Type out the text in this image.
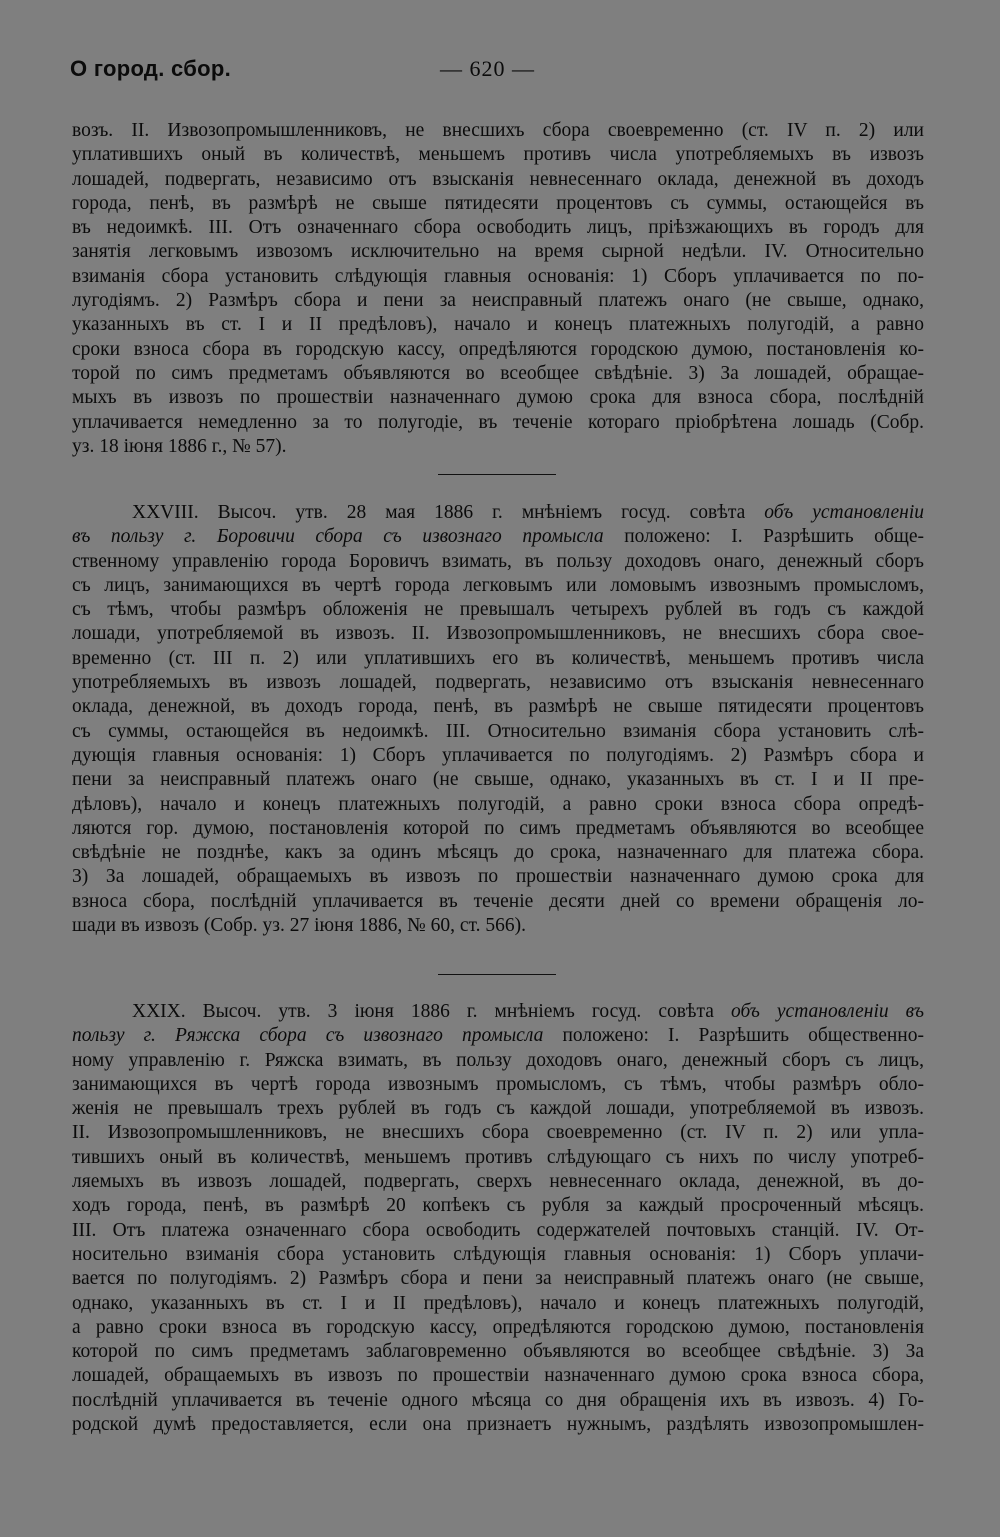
О город. сбор.	— 620 —
возъ. II. Извозопромышленниковъ, не внесшихъ сбора своевременно (ст. IV п. 2) или
уплатившихъ оный въ количествѣ, меньшемъ противъ числа употребляемыхъ въ извозъ
лошадей, подвергать, независимо отъ взысканія невнесеннаго оклада, денежной въ доходъ
города, пенѣ, въ размѣрѣ не свыше пятидесяти процентовъ съ суммы, остающейся въ
въ недоимкѣ. III. Отъ означеннаго сбора освободить лицъ, пріѣзжающихъ въ городъ для
занятія легковымъ извозомъ исключительно на время сырной недѣли. IV. Относительно
взиманія сбора установить слѣдующія главныя основанія: 1) Сборъ уплачивается по по-
лугодіямъ. 2) Размѣръ сбора и пени за неисправный платежъ онаго (не свыше, однако,
указанныхъ въ ст. I и II предѣловъ), начало и конецъ платежныхъ полугодій, а равно
сроки взноса сбора въ городскую кассу, опредѣляются городскою думою, постановленія ко-
торой по симъ предметамъ объявляются во всеобщее свѣдѣніе. 3) За лошадей, обращае-
мыхъ въ извозъ по прошествіи назначеннаго думою срока для взноса сбора, послѣдній
уплачивается немедленно за то полугодіе, въ теченіе котораго пріобрѣтена лошадь (Собр.
уз. 18 іюня 1886 г., № 57).
XXVIII. Высоч. утв. 28 мая 1886 г. мнѣніемъ госуд. совѣта объ установленіи
въ пользу г. Боровичи сбора съ извознаго промысла положено: I. Разрѣшить обще-
ственному управленію города Боровичъ взимать, въ пользу доходовъ онаго, денежный сборъ
съ лицъ, занимающихся въ чертѣ города легковымъ или ломовымъ извознымъ промысломъ,
съ тѣмъ, чтобы размѣръ обложенія не превышалъ четырехъ рублей въ годъ съ каждой
лошади, употребляемой въ извозъ. II. Извозопромышленниковъ, не внесшихъ сбора свое-
временно (ст. III п. 2) или уплатившихъ его въ количествѣ, меньшемъ противъ числа
употребляемыхъ въ извозъ лошадей, подвергать, независимо отъ взысканія невнесеннаго
оклада, денежной, въ доходъ города, пенѣ, въ размѣрѣ не свыше пятидесяти процентовъ
съ суммы, остающейся въ недоимкѣ. III. Относительно взиманія сбора установить слѣ-
дующія главныя основанія: 1) Сборъ уплачивается по полугодіямъ. 2) Размѣръ сбора и
пени за неисправный платежъ онаго (не свыше, однако, указанныхъ въ ст. I и II пре-
дѣловъ), начало и конецъ платежныхъ полугодій, а равно сроки взноса сбора опредѣ-
ляются гор. думою, постановленія которой по симъ предметамъ объявляются во всеобщее
свѣдѣніе не позднѣе, какъ за одинъ мѣсяцъ до срока, назначеннаго для платежа сбора.
3) За лошадей, обращаемыхъ въ извозъ по прошествіи назначеннаго думою срока для
взноса сбора, послѣдній уплачивается въ теченіе десяти дней со времени обращенія ло-
шади въ извозъ (Собр. уз. 27 іюня 1886, № 60, ст. 566).
XXIX. Высоч. утв. 3 іюня 1886 г. мнѣніемъ госуд. совѣта объ установленіи въ
пользу г. Ряжска сбора съ извознаго промысла положено: I. Разрѣшить общественно-
ному управленію г. Ряжска взимать, въ пользу доходовъ онаго, денежный сборъ съ лицъ,
занимающихся въ чертѣ города извознымъ промысломъ, съ тѣмъ, чтобы размѣръ обло-
женія не превышалъ трехъ рублей въ годъ съ каждой лошади, употребляемой въ извозъ.
II. Извозопромышленниковъ, не внесшихъ сбора своевременно (ст. IV п. 2) или упла-
тившихъ оный въ количествѣ, меньшемъ противъ слѣдующаго съ нихъ по числу употреб-
ляемыхъ въ извозъ лошадей, подвергать, сверхъ невнесеннаго оклада, денежной, въ до-
ходъ города, пенѣ, въ размѣрѣ 20 копѣекъ съ рубля за каждый просроченный мѣсяцъ.
III. Отъ платежа означеннаго сбора освободить содержателей почтовыхъ станцій. IV. От-
носительно взиманія сбора установить слѣдующія главныя основанія: 1) Сборъ уплачи-
вается по полугодіямъ. 2) Размѣръ сбора и пени за неисправный платежъ онаго (не свыше,
однако, указанныхъ въ ст. I и II предѣловъ), начало и конецъ платежныхъ полугодій,
а равно сроки взноса въ городскую кассу, опредѣляются городскою думою, постановленія
которой по симъ предметамъ заблаговременно объявляются во всеобщее свѣдѣніе. 3) За
лошадей, обращаемыхъ въ извозъ по прошествіи назначеннаго думою срока взноса сбора,
послѣдній уплачивается въ теченіе одного мѣсяца со дня обращенія ихъ въ извозъ. 4) Го-
родской думѣ предоставляется, если она признаетъ нужнымъ, раздѣлять извозопромышлен-
